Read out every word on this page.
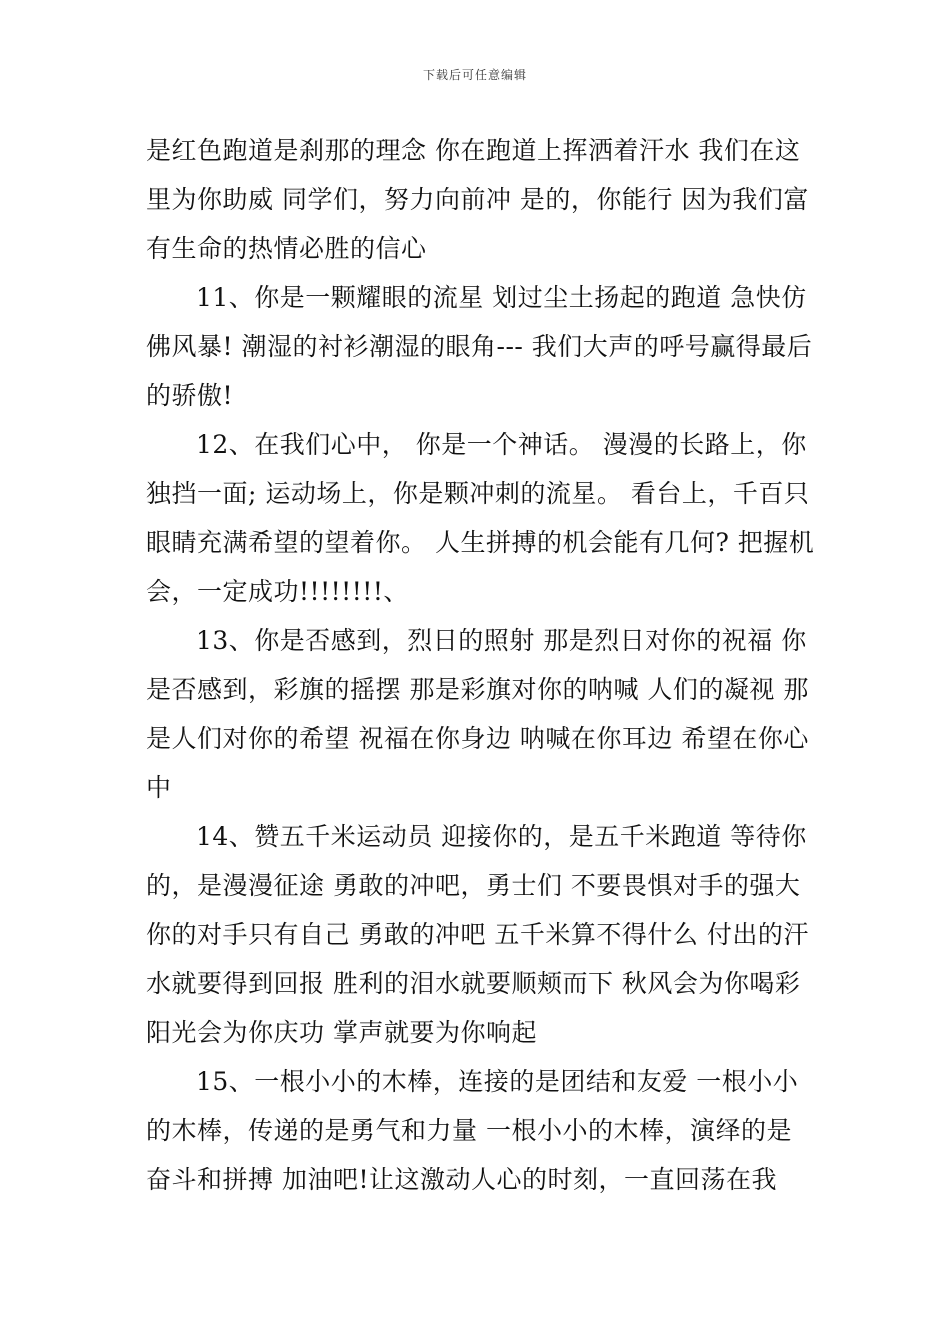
下载后可任意编辑

是红色跑道是刹那的理念 你在跑道上挥洒着汗水 我们在这里为你助威 同学们，努力向前冲 是的，你能行 因为我们富有生命的热情必胜的信心

11、你是一颗耀眼的流星 划过尘土扬起的跑道 急快仿佛风暴! 潮湿的衬衫潮湿的眼角--- 我们大声的呼号赢得最后的骄傲!

12、在我们心中， 你是一个神话。 漫漫的长路上，你独挡一面; 运动场上，你是颗冲刺的流星。 看台上，千百只眼睛充满希望的望着你。 人生拼搏的机会能有几何? 把握机会，一定成功!!!!!!!!、

13、你是否感到，烈日的照射 那是烈日对你的祝福 你是否感到，彩旗的摇摆 那是彩旗对你的呐喊 人们的凝视 那是人们对你的希望 祝福在你身边 呐喊在你耳边 希望在你心中

14、赞五千米运动员 迎接你的，是五千米跑道 等待你的，是漫漫征途 勇敢的冲吧，勇士们 不要畏惧对手的强大 你的对手只有自己 勇敢的冲吧 五千米算不得什么 付出的汗水就要得到回报 胜利的泪水就要顺颊而下 秋风会为你喝彩 阳光会为你庆功 掌声就要为你响起

15、一根小小的木棒，连接的是团结和友爱 一根小小的木棒，传递的是勇气和力量 一根小小的木棒，演绎的是奋斗和拼搏 加油吧!让这激动人心的时刻，一直回荡在我
